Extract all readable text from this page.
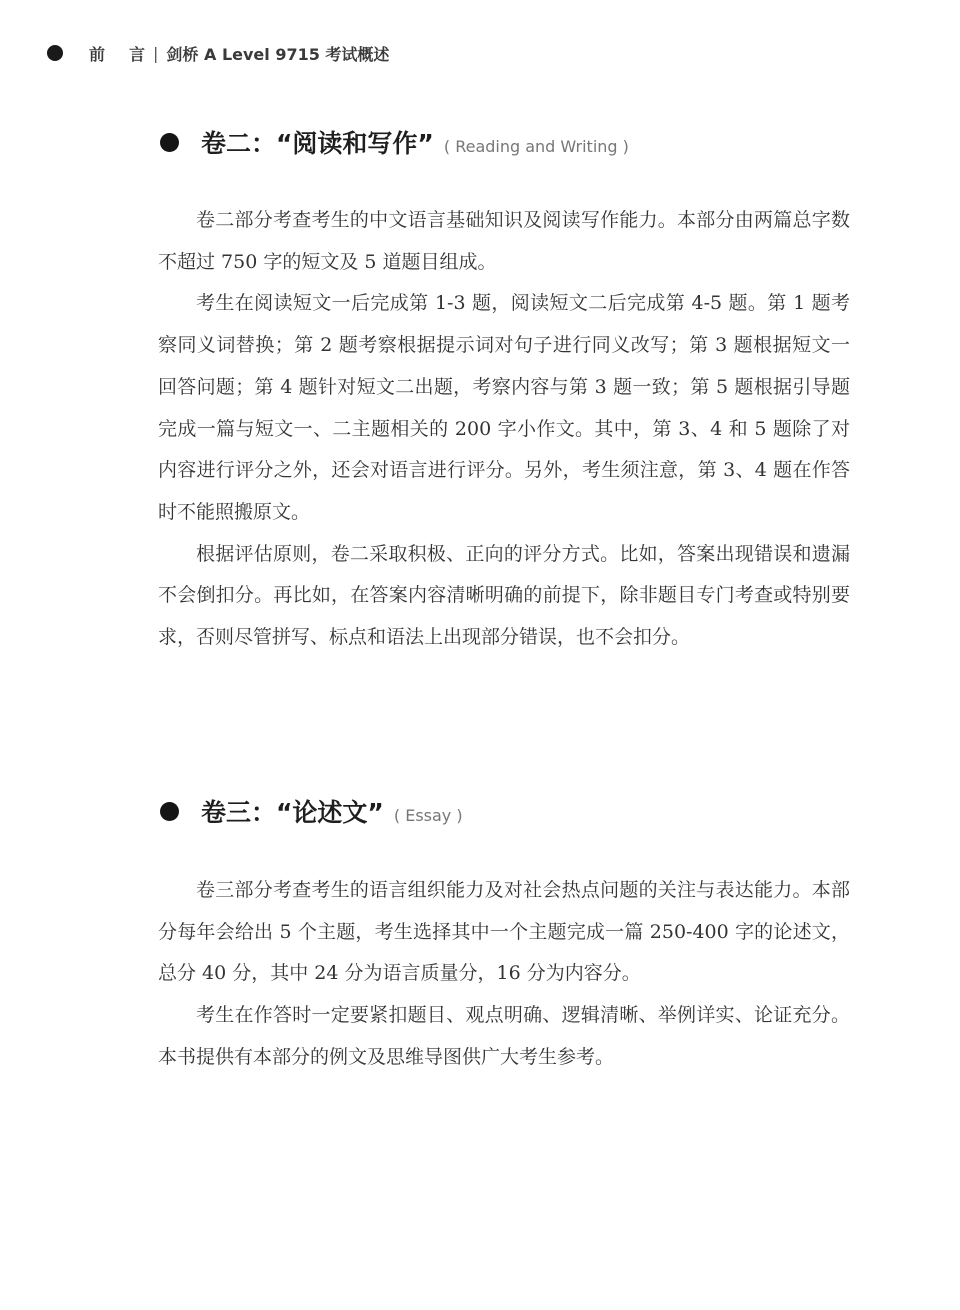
前 言 | 剑桥 A Level 9715 考试概述
卷二：“阅读和写作” ( Reading and Writing )

卷二部分考查考生的中文语言基础知识及阅读写作能力。本部分由两篇总字数不超过 750 字的短文及 5 道题目组成。

考生在阅读短文一后完成第 1-3 题，阅读短文二后完成第 4-5 题。第 1 题考察同义词替换；第 2 题考察根据提示词对句子进行同义改写；第 3 题根据短文一回答问题；第 4 题针对短文二出题，考察内容与第 3 题一致；第 5 题根据引导题完成一篇与短文一、二主题相关的 200 字小作文。其中，第 3、4 和 5 题除了对内容进行评分之外，还会对语言进行评分。另外，考生须注意，第 3、4 题在作答时不能照搬原文。

根据评估原则，卷二采取积极、正向的评分方式。比如，答案出现错误和遗漏不会倒扣分。再比如，在答案内容清晰明确的前提下，除非题目专门考查或特别要求，否则尽管拼写、标点和语法上出现部分错误，也不会扣分。

卷三：“论述文” ( Essay )

卷三部分考查考生的语言组织能力及对社会热点问题的关注与表达能力。本部分每年会给出 5 个主题，考生选择其中一个主题完成一篇 250-400 字的论述文，总分 40 分，其中 24 分为语言质量分，16 分为内容分。

考生在作答时一定要紧扣题目、观点明确、逻辑清晰、举例详实、论证充分。本书提供有本部分的例文及思维导图供广大考生参考。
